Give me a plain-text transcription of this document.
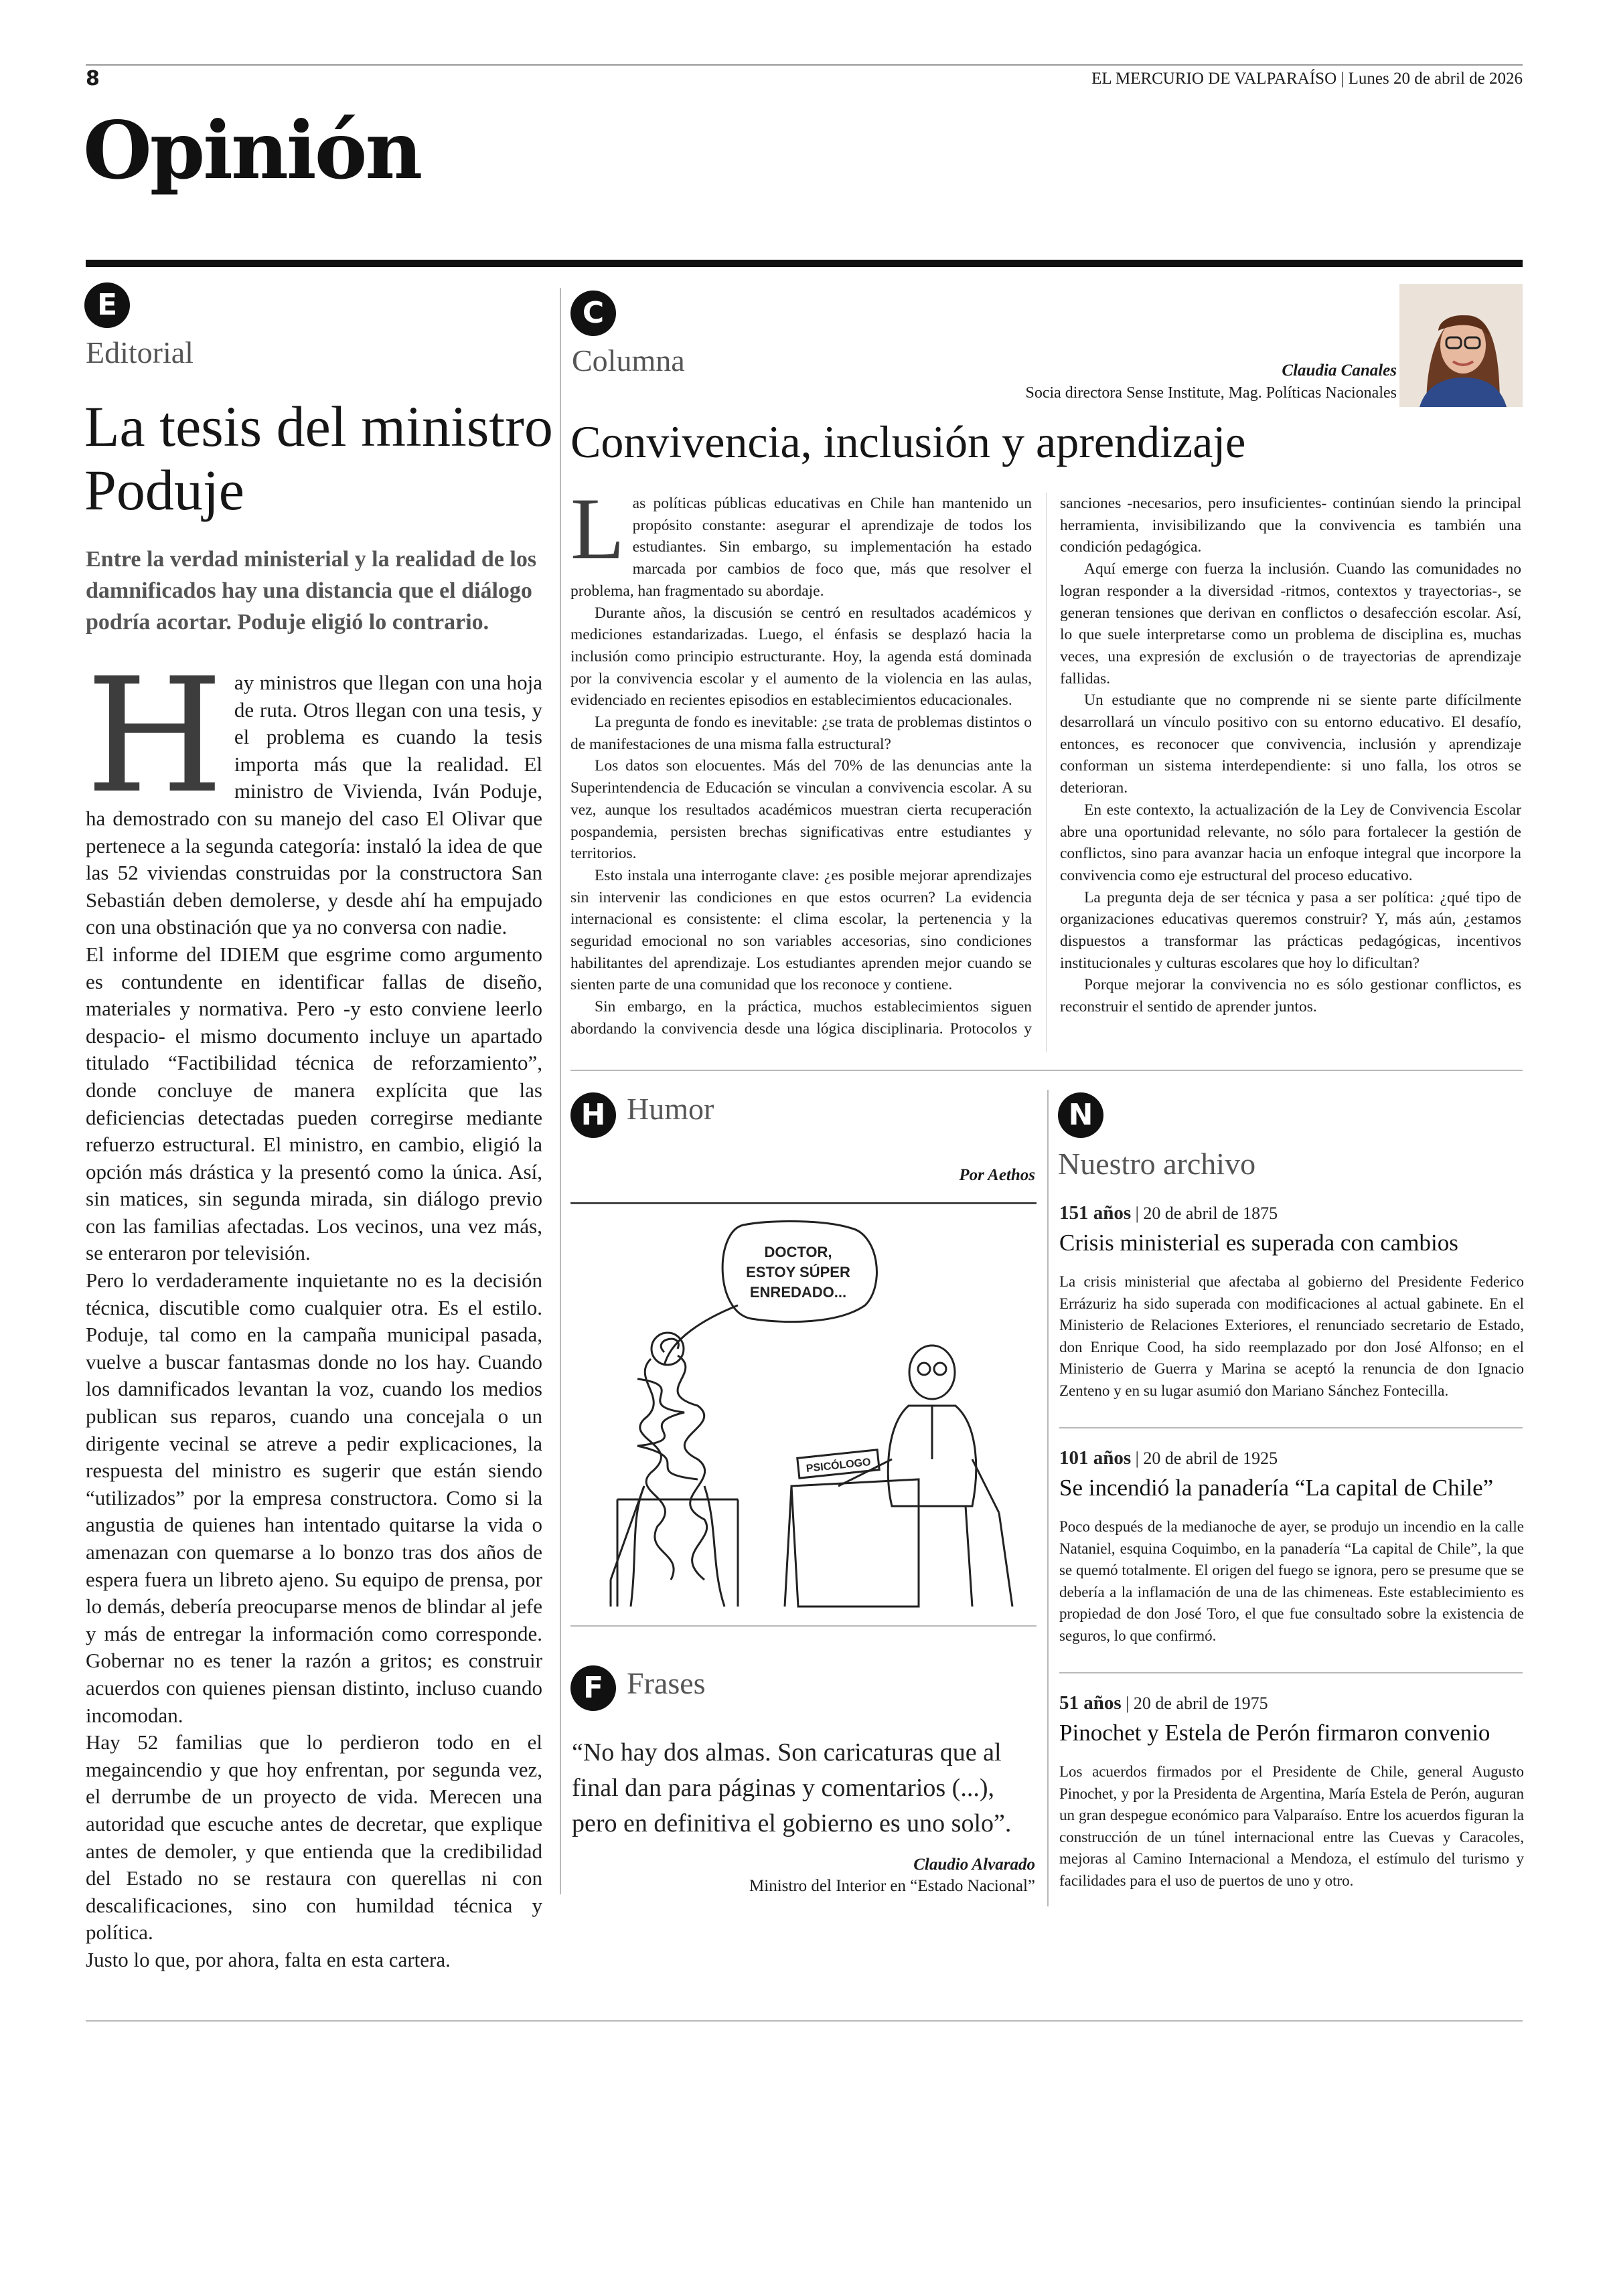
8	EL MERCURIO DE VALPARAÍSO | Lunes 20 de abril de 2026
Opinión
E
Editorial
La tesis del ministro Poduje
Entre la verdad ministerial y la realidad de los damnificados hay una distancia que el diálogo podría acortar. Poduje eligió lo contrario.
H ay ministros que llegan con una hoja de ruta. Otros llegan con una tesis, y el problema es cuando la tesis importa más que la realidad. El ministro de Vivienda, Iván Poduje, ha demostrado con su manejo del caso El Olivar que pertenece a la segunda categoría: instaló la idea de que las 52 viviendas construidas por la constructora San Sebastián deben demolerse, y desde ahí ha empujado con una obstinación que ya no conversa con nadie.

El informe del IDIEM que esgrime como argumento es contundente en identificar fallas de diseño, materiales y normativa. Pero -y esto conviene leerlo despacio- el mismo documento incluye un apartado titulado “Factibilidad técnica de reforzamiento”, donde concluye de manera explícita que las deficiencias detectadas pueden corregirse mediante refuerzo estructural. El ministro, en cambio, eligió la opción más drástica y la presentó como la única. Así, sin matices, sin segunda mirada, sin diálogo previo con las familias afectadas. Los vecinos, una vez más, se enteraron por televisión.

Pero lo verdaderamente inquietante no es la decisión técnica, discutible como cualquier otra. Es el estilo. Poduje, tal como en la campaña municipal pasada, vuelve a buscar fantasmas donde no los hay. Cuando los damnificados levantan la voz, cuando los medios publican sus reparos, cuando una concejala o un dirigente vecinal se atreve a pedir explicaciones, la respuesta del ministro es sugerir que están siendo “utilizados” por la empresa constructora. Como si la angustia de quienes han intentado quitarse la vida o amenazan con quemarse a lo bonzo tras dos años de espera fuera un libreto ajeno. Su equipo de prensa, por lo demás, debería preocuparse menos de blindar al jefe y más de entregar la información como corresponde. Gobernar no es tener la razón a gritos; es construir acuerdos con quienes piensan distinto, incluso cuando incomodan.

Hay 52 familias que lo perdieron todo en el megaincendio y que hoy enfrentan, por segunda vez, el derrumbe de un proyecto de vida. Merecen una autoridad que escuche antes de decretar, que explique antes de demoler, y que entienda que la credibilidad del Estado no se restaura con querellas ni con descalificaciones, sino con humildad técnica y política.

Justo lo que, por ahora, falta en esta cartera.

C
Columna	Claudia Canales
Socia directora Sense Institute, Mag. Políticas Nacionales
Convivencia, inclusión y aprendizaje

Las políticas públicas educativas en Chile han mantenido un propósito constante: asegurar el aprendizaje de todos los estudiantes. Sin embargo, su implementación ha estado marcada por cambios de foco que, más que resolver el problema, han fragmentado su abordaje.

Durante años, la discusión se centró en resultados académicos y mediciones estandarizadas. Luego, el énfasis se desplazó hacia la inclusión como principio estructurante. Hoy, la agenda está dominada por la convivencia escolar y el aumento de la violencia en las aulas, evidenciado en recientes episodios en establecimientos educacionales.

La pregunta de fondo es inevitable: ¿se trata de problemas distintos o de manifestaciones de una misma falla estructural?

Los datos son elocuentes. Más del 70% de las denuncias ante la Superintendencia de Educación se vinculan a convivencia escolar. A su vez, aunque los resultados académicos muestran cierta recuperación pospandemia, persisten brechas significativas entre estudiantes y territorios.

Esto instala una interrogante clave: ¿es posible mejorar aprendizajes sin intervenir las condiciones en que estos ocurren? La evidencia internacional es consistente: el clima escolar, la pertenencia y la seguridad emocional no son variables accesorias, sino condiciones habilitantes del aprendizaje. Los estudiantes aprenden mejor cuando se sienten parte de una comunidad que los reconoce y contiene.

Sin embargo, en la práctica, muchos establecimientos siguen abordando la convivencia desde una lógica disciplinaria. Protocolos y sanciones -necesarios, pero insuficientes- continúan siendo la principal herramienta, invisibilizando que la convivencia es también una condición pedagógica.

Aquí emerge con fuerza la inclusión. Cuando las comunidades no logran responder a la diversidad -ritmos, contextos y trayectorias-, se generan tensiones que derivan en conflictos o desafección escolar. Así, lo que suele interpretarse como un problema de disciplina es, muchas veces, una expresión de exclusión o de trayectorias de aprendizaje fallidas.

Un estudiante que no comprende ni se siente parte difícilmente desarrollará un vínculo positivo con su entorno educativo. El desafío, entonces, es reconocer que convivencia, inclusión y aprendizaje conforman un sistema interdependiente: si uno falla, los otros se deterioran.

En este contexto, la actualización de la Ley de Convivencia Escolar abre una oportunidad relevante, no sólo para fortalecer la gestión de conflictos, sino para avanzar hacia un enfoque integral que incorpore la convivencia como eje estructural del proceso educativo.

La pregunta deja de ser técnica y pasa a ser política: ¿qué tipo de organizaciones educativas queremos construir? Y, más aún, ¿estamos dispuestos a transformar las prácticas pedagógicas, incentivos institucionales y culturas escolares que hoy lo dificultan?

Porque mejorar la convivencia no es sólo gestionar conflictos, es reconstruir el sentido de aprender juntos.

H Humor
Por Aethos
DOCTOR,
ESTOY SÚPER
ENREDADO...
PSICÓLOGO
F Frases
“No hay dos almas. Son caricaturas que al final dan para páginas y comentarios (...), pero en definitiva el gobierno es uno solo”.
Claudio Alvarado
Ministro del Interior en “Estado Nacional”
N
Nuestro archivo
151 años | 20 de abril de 1875
Crisis ministerial es superada con cambios

La crisis ministerial que afectaba al gobierno del Presidente Federico Errázuriz ha sido superada con modificaciones al actual gabinete. En el Ministerio de Relaciones Exteriores, el renunciado secretario de Estado, don Enrique Cood, ha sido reemplazado por don José Alfonso; en el Ministerio de Guerra y Marina se aceptó la renuncia de don Ignacio Zenteno y en su lugar asumió don Mariano Sánchez Fontecilla.

101 años | 20 de abril de 1925
Se incendió la panadería “La capital de Chile”

Poco después de la medianoche de ayer, se produjo un incendio en la calle Nataniel, esquina Coquimbo, en la panadería “La capital de Chile”, la que se quemó totalmente. El origen del fuego se ignora, pero se presume que se debería a la inflamación de una de las chimeneas. Este establecimiento es propiedad de don José Toro, el que fue consultado sobre la existencia de seguros, lo que confirmó.

51 años | 20 de abril de 1975
Pinochet y Estela de Perón firmaron convenio

Los acuerdos firmados por el Presidente de Chile, general Augusto Pinochet, y por la Presidenta de Argentina, María Estela de Perón, auguran un gran despegue económico para Valparaíso. Entre los acuerdos figuran la construcción de un túnel internacional entre las Cuevas y Caracoles, mejoras al Camino Internacional a Mendoza, el estímulo del turismo y facilidades para el uso de puertos de uno y otro.
